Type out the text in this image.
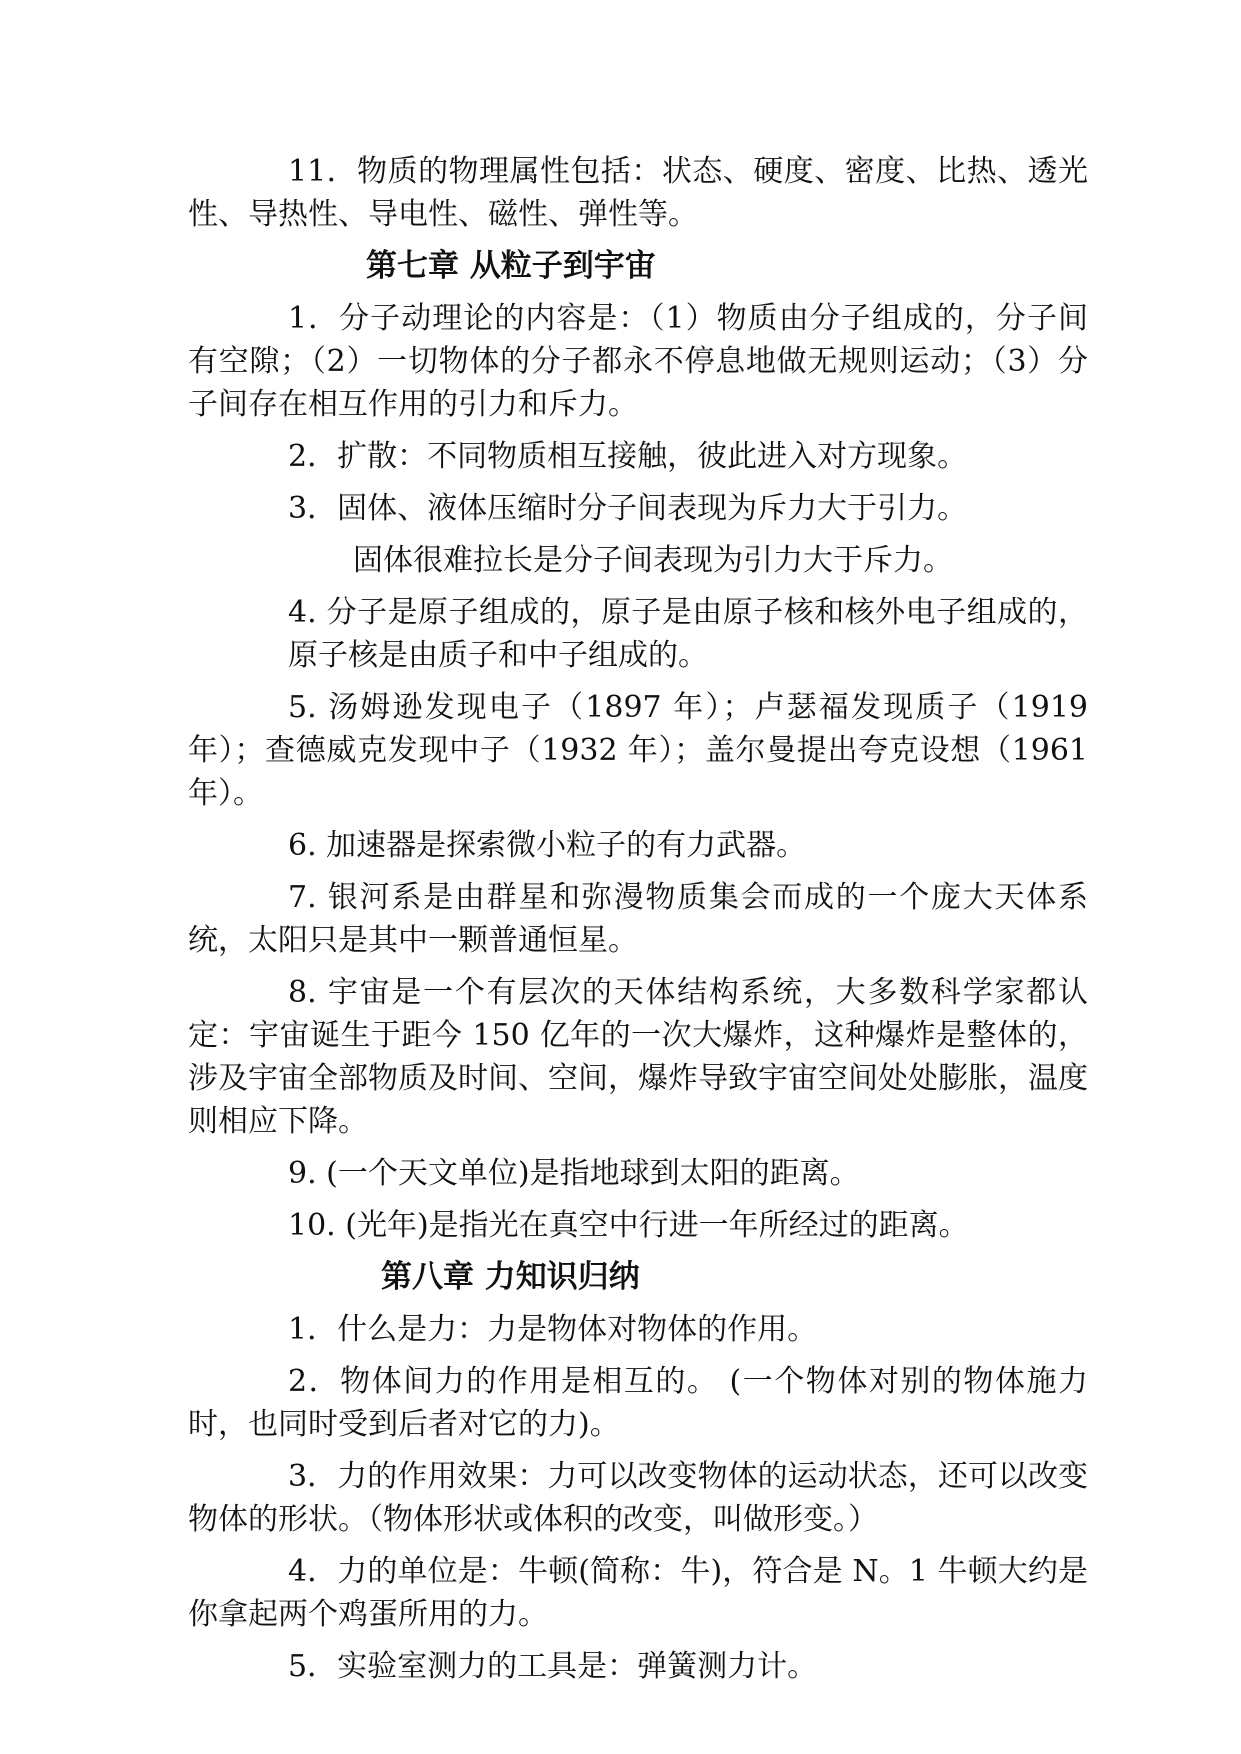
11．物质的物理属性包括：状态、硬度、密度、比热、透光性、导热性、导电性、磁性、弹性等。

第七章 从粒子到宇宙

1．分子动理论的内容是：（1）物质由分子组成的，分子间有空隙；（2）一切物体的分子都永不停息地做无规则运动；（3）分子间存在相互作用的引力和斥力。

2．扩散：不同物质相互接触，彼此进入对方现象。

3．固体、液体压缩时分子间表现为斥力大于引力。

固体很难拉长是分子间表现为引力大于斥力。

4. 分子是原子组成的，原子是由原子核和核外电子组成的，原子核是由质子和中子组成的。

5. 汤姆逊发现电子（1897 年）；卢瑟福发现质子（1919 年）；查德威克发现中子（1932 年）；盖尔曼提出夸克设想（1961 年）。

6. 加速器是探索微小粒子的有力武器。

7. 银河系是由群星和弥漫物质集会而成的一个庞大天体系统，太阳只是其中一颗普通恒星。

8. 宇宙是一个有层次的天体结构系统，大多数科学家都认定：宇宙诞生于距今 150 亿年的一次大爆炸，这种爆炸是整体的，涉及宇宙全部物质及时间、空间，爆炸导致宇宙空间处处膨胀，温度则相应下降。

9. (一个天文单位)是指地球到太阳的距离。

10. (光年)是指光在真空中行进一年所经过的距离。

第八章 力知识归纳

1．什么是力：力是物体对物体的作用。

2．物体间力的作用是相互的。 (一个物体对别的物体施力时，也同时受到后者对它的力)。

3．力的作用效果：力可以改变物体的运动状态，还可以改变物体的形状。（物体形状或体积的改变，叫做形变。）

4．力的单位是：牛顿(简称：牛)，符合是 N。1 牛顿大约是你拿起两个鸡蛋所用的力。

5．实验室测力的工具是：弹簧测力计。
